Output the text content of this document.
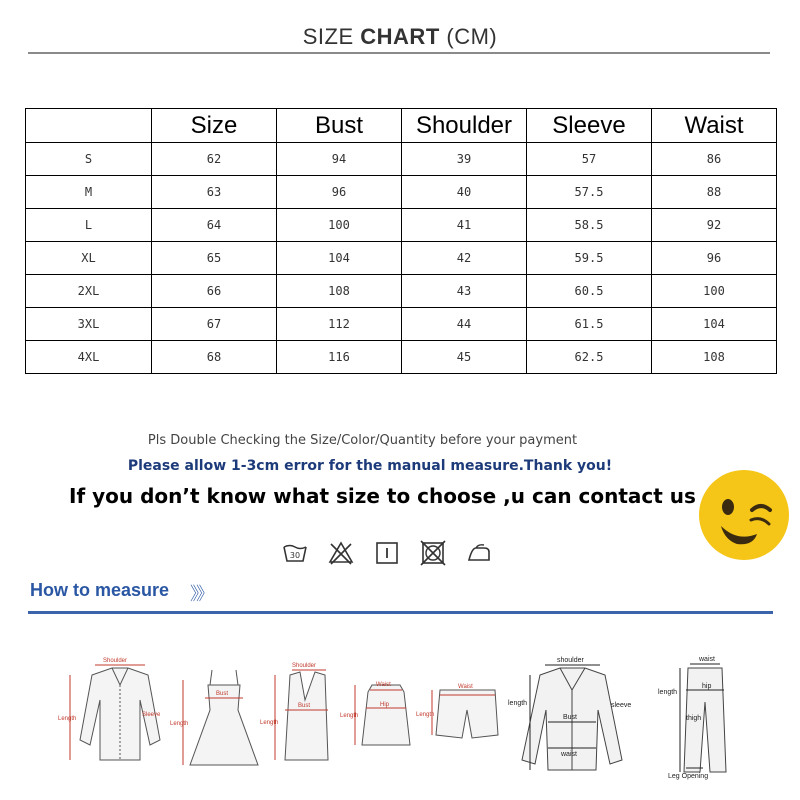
SIZE CHART (CM)
	Size	Bust	Shoulder	Sleeve	Waist
S	62	94	39	57	86
M	63	96	40	57.5	88
L	64	100	41	58.5	92
XL	65	104	42	59.5	96
2XL	66	108	43	60.5	100
3XL	67	112	44	61.5	104
4XL	68	116	45	62.5	108
Pls Double Checking the Size/Color/Quantity before your payment
Please allow 1-3cm error for the manual measure.Thank you!
If you don’t know what size to choose ,u can contact us
30
How to measure 》》
Shoulder
Length
Sleeve
Bust
Length
Shoulder
Bust
Length
Waist
Hip
Length
Waist
Length
shoulder
length	sleeve
Bust
waist
waist
length
hip
thigh
Leg Opening
